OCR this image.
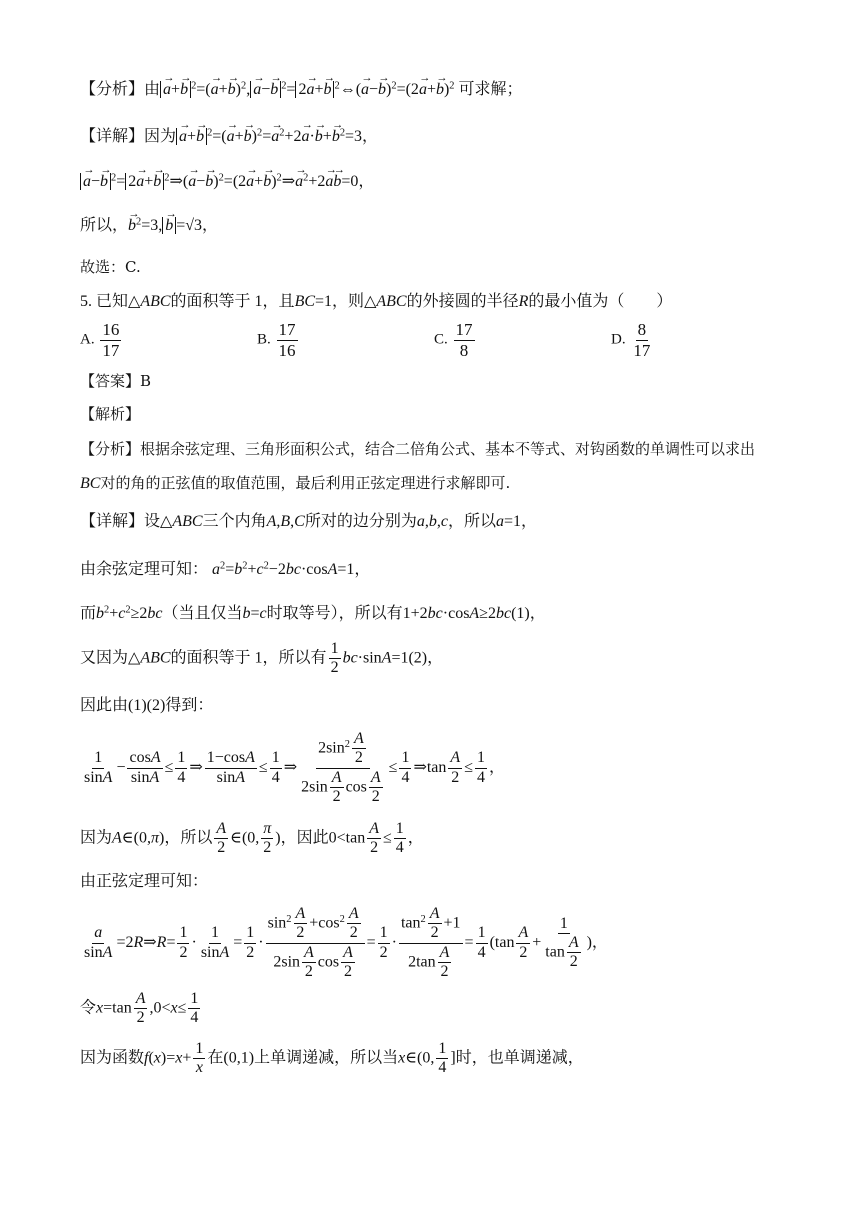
【分析】由→ a+→ b $^2=(\to a+\to b)^2,\to a-\to b$ $^2$= 2→ a+→ b $^2$⇔(→ $a-\to b)^2=(2\to a+\to b)^2$ 可求解；
【详解】因为→ a+→ b $^2=(\to a+\to b)^2=\to a^2+2\to a\cdot\to b+\to b^2=3$，
→ a−→ b $^2$= 2→ a+→ b $^2$⇒(→ $a-\to b)^2=(2\to a+\to b)^2\Rightarrow\to a^2+2\to a\to b=0$，
所以，→ $b^2=3,\to b =√3$，
故选：C.
5. 已知△ABC的面积等于 1，且BC=1，则△ABC的外接圆的半径R的最小值为（　　）
A. $\frac{16}{17}$	B. $\frac{17}{16}$	C. $\frac{17}{8}$	D. $\frac{8}{17}$
【答案】B
【解析】
【分析】根据余弦定理、三角形面积公式，结合二倍角公式、基本不等式、对钩函数的单调性可以求出
BC对的角的正弦值的取值范围，最后利用正弦定理进行求解即可.
【详解】设△ABC三个内角A,B,C所对的边分别为a,b,c，所以a=1，
由余弦定理可知： $a^2=b^2+c^2-2bc\cdot\cos A=1$，
而$b^2+c^2\ge 2bc$（当且仅当b=c时取等号），所以有1+2bc·cosA≥2bc(1)，
又因为△ABC的面积等于 1，所以有 $\frac{1}{2} bc\cdot\sin A=1(2)$，
因此由(1)(2)得到：
$\frac{1}{\sin A} - \frac{\cos A}{\sin A} \le \frac{1}{4}$ ⇒ $\frac{1-\cos A}{\sin A} \le \frac{1}{4}$ ⇒ $\frac{2\sin^2 \frac{A}{2}}{2\sin \frac{A}{2} \cos \frac{A}{2}} \le \frac{1}{4}$ ⇒tan $\frac{A}{2} \le \frac{1}{4}$ ，
因为A∈(0,π)，所以 $\frac{A}{2}$ ∈(0, $\frac{\pi}{2}$ )，因此$0<\tan \frac{A}{2} \le \frac{1}{4}$ ，
由正弦定理可知：
$\frac{a}{\sin A}$ =2R⇒R= $\frac{1}{2} \cdot \frac{1}{\sin A} = \frac{1}{2} \cdot \frac{\sin^2 \frac{A}{2} +\cos^2 \frac{A}{2}}{2\sin \frac{A}{2} \cos \frac{A}{2}} = \frac{1}{2} \cdot \frac{\tan^2 \frac{A}{2} +1}{2\tan \frac{A}{2}} = \frac{1}{4} (\tan \frac{A}{2} + \frac{1}{\tan \frac{A}{2}}$ )，
令$x=\tan \frac{A}{2} ,0<x\le \frac{1}{4}$
因为函数$f(x)=x+ \frac{1}{x}$ 在(0,1)上单调递减，所以当x∈(0, $\frac{1}{4}$ ]时，也单调递减，
